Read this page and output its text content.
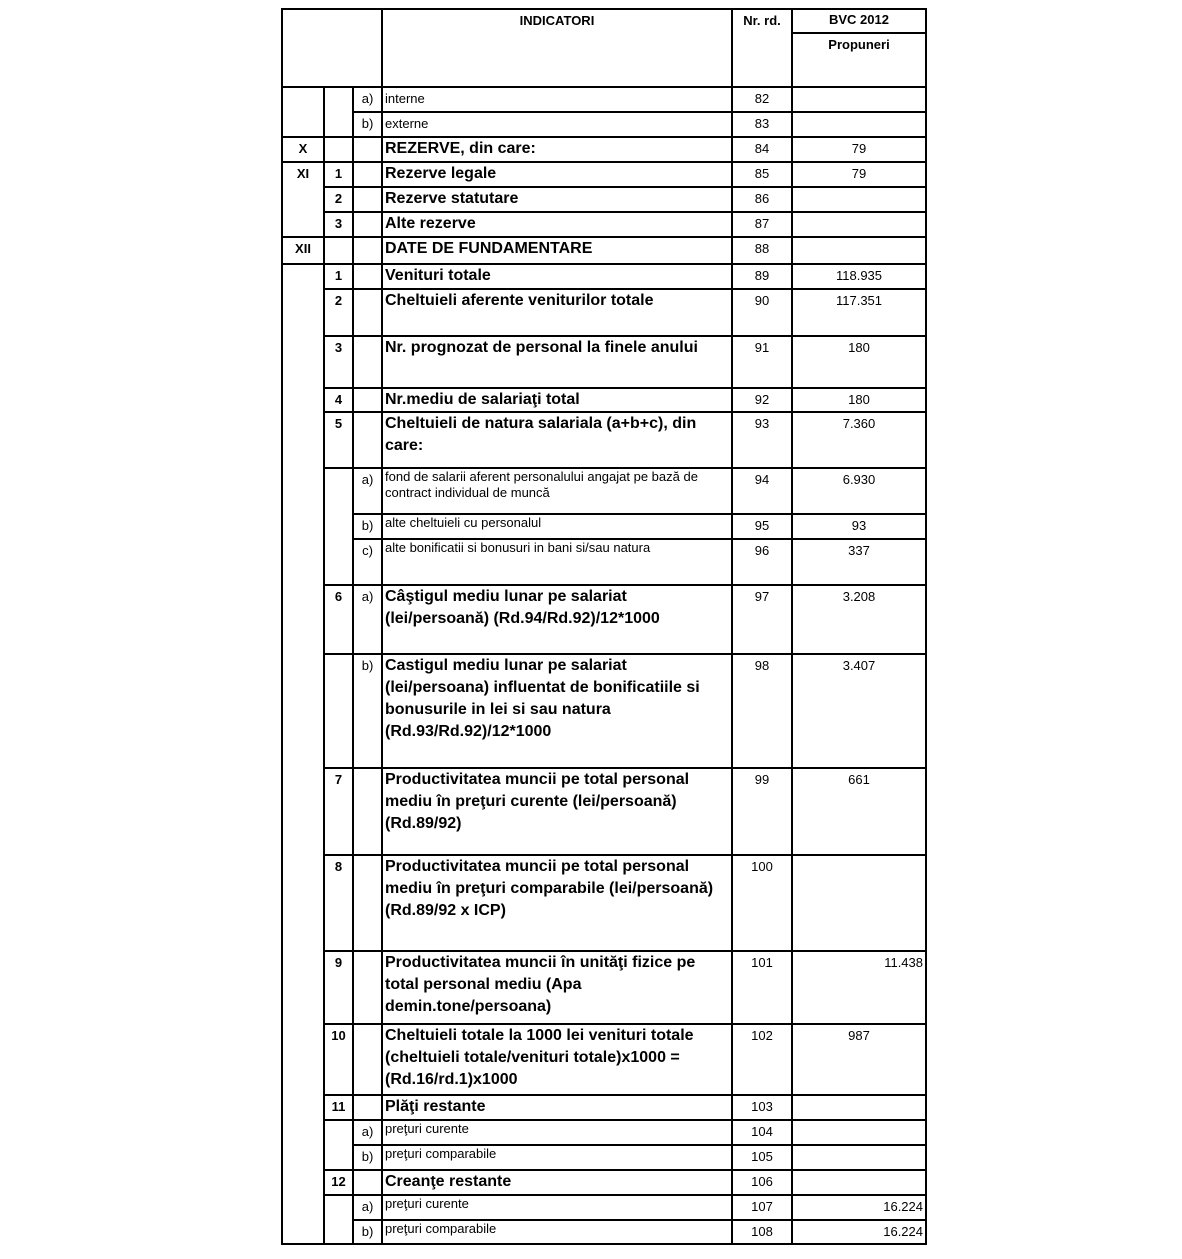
			INDICATORI	Nr. rd.	BVC 2012
					Propuneri
		a)	interne	82	
		b)	externe	83	
X			REZERVE, din care:	84	79
XI	1		Rezerve legale	85	79
	2		Rezerve statutare	86	
	3		Alte rezerve	87	
XII			DATE DE FUNDAMENTARE	88	
	1		Venituri totale	89	118.935
	2		Cheltuieli aferente veniturilor totale	90	117.351
	3		Nr. prognozat de personal la finele anului	91	180
	4		Nr.mediu de salariaţi total	92	180
	5		Cheltuieli de natura salariala (a+b+c), din care:	93	7.360
		a)	fond de salarii aferent personalului angajat pe bază de contract individual de muncă	94	6.930
		b)	alte cheltuieli cu personalul	95	93
		c)	alte bonificatii si bonusuri in bani si/sau natura	96	337
	6	a)	Câştigul mediu lunar pe salariat (lei/persoană) (Rd.94/Rd.92)/12*1000	97	3.208
		b)	Castigul mediu lunar pe salariat (lei/persoana) influentat de bonificatiile si bonusurile in lei si sau natura (Rd.93/Rd.92)/12*1000	98	3.407
	7		Productivitatea muncii pe total personal mediu în preţuri curente (lei/persoană)(Rd.89/92)	99	661
	8		Productivitatea muncii pe total personal mediu în preţuri comparabile (lei/persoană)(Rd.89/92 x ICP)	100	
	9		Productivitatea muncii în unităţi fizice pe total personal mediu (Apa demin.tone/persoana)	101	11.438
	10		Cheltuieli totale la 1000 lei venituri totale (cheltuieli totale/venituri totale)x1000 =(Rd.16/rd.1)x1000	102	987
	11		Plăţi restante	103	
		a)	preţuri curente	104	
		b)	preţuri comparabile	105	
	12		Creanţe restante	106	
		a)	preţuri curente	107	16.224
		b)	preţuri comparabile	108	16.224
